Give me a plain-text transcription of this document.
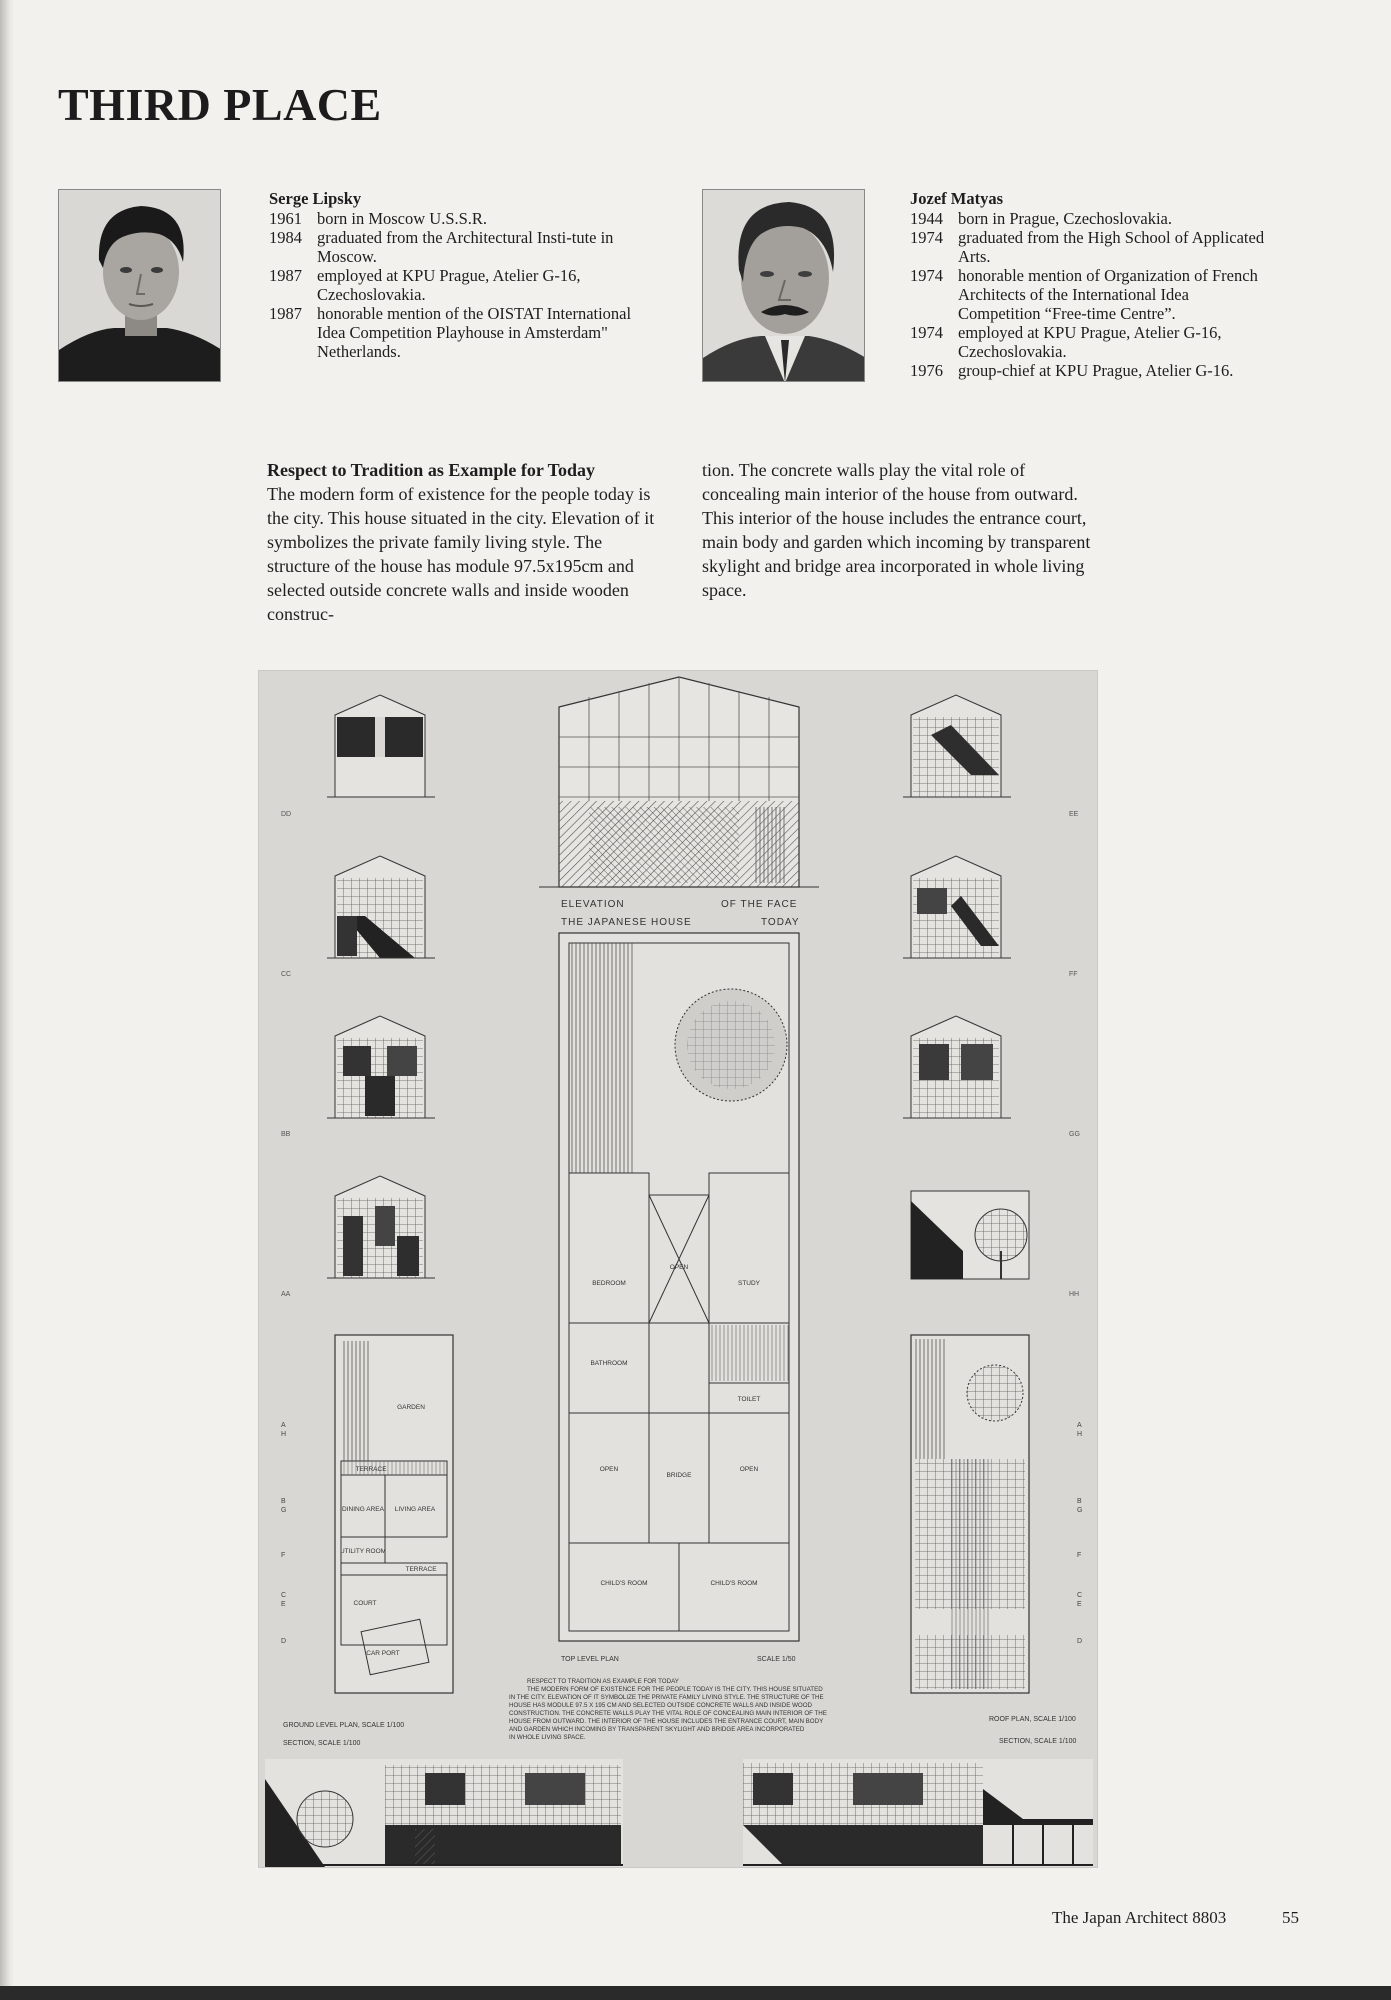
THIRD PLACE
Serge Lipsky
1961	born in Moscow U.S.S.R.
1984	graduated from the Architectural Insti-tute in Moscow.
1987	employed at KPU Prague, Atelier G-16, Czechoslovakia.
1987	honorable mention of the OISTAT International Idea Competition Playhouse in Amsterdam" Netherlands.
Jozef Matyas
1944	born in Prague, Czechoslovakia.
1974	graduated from the High School of Applicated Arts.
1974	honorable mention of Organization of French Architects of the International Idea Competition “Free-time Centre”.
1974	employed at KPU Prague, Atelier G-16, Czechoslovakia.
1976	group-chief at KPU Prague, Atelier G-16.
Respect to Tradition as Example for Today
The modern form of existence for the people today is the city. This house situated in the city. Elevation of it symbolizes the private family living style. The structure of the house has module 97.5x195cm and selected outside concrete walls and inside wooden construc-
tion. The concrete walls play the vital role of concealing main interior of the house from outward. This interior of the house includes the entrance court, main body and garden which incoming by transparent skylight and bridge area incorporated in whole living space.
DD
CC
BB
AA
ELEVATION	OF THE FACE
THE JAPANESE HOUSE	TODAY
OPEN
BEDROOM	STUDY
BATHROOM
TOILET
OPEN
BRIDGE
OPEN
CHILD'S ROOM	CHILD'S ROOM
TOP LEVEL PLAN	SCALE 1/50
EE
FF
GG
HH
GARDEN
TERRACE
DINING AREA LIVING AREA
UTILITY ROOM
TERRACE
COURT
CAR PORT
GROUND LEVEL PLAN, SCALE 1/100
SECTION, SCALE 1/100
A
H
B
G
F
C
E
D
ROOF PLAN, SCALE 1/100
SECTION, SCALE 1/100
A
H
B
G
F
C
E
D
RESPECT TO TRADITION AS EXAMPLE FOR TODAY
THE MODERN FORM OF EXISTENCE FOR THE PEOPLE TODAY IS THE CITY. THIS HOUSE SITUATED
IN THE CITY. ELEVATION OF IT SYMBOLIZE THE PRIVATE FAMILY LIVING STYLE. THE STRUCTURE OF THE
HOUSE HAS MODULE 97.5 X 195 CM AND SELECTED OUTSIDE CONCRETE WALLS AND INSIDE WOOD
CONSTRUCTION. THE CONCRETE WALLS PLAY THE VITAL ROLE OF CONCEALING MAIN INTERIOR OF THE
HOUSE FROM OUTWARD. THE INTERIOR OF THE HOUSE INCLUDES THE ENTRANCE COURT, MAIN BODY
AND GARDEN WHICH INCOMING BY TRANSPARENT SKYLIGHT AND BRIDGE AREA INCORPORATED
IN WHOLE LIVING SPACE.
The Japan Architect 8803	55
